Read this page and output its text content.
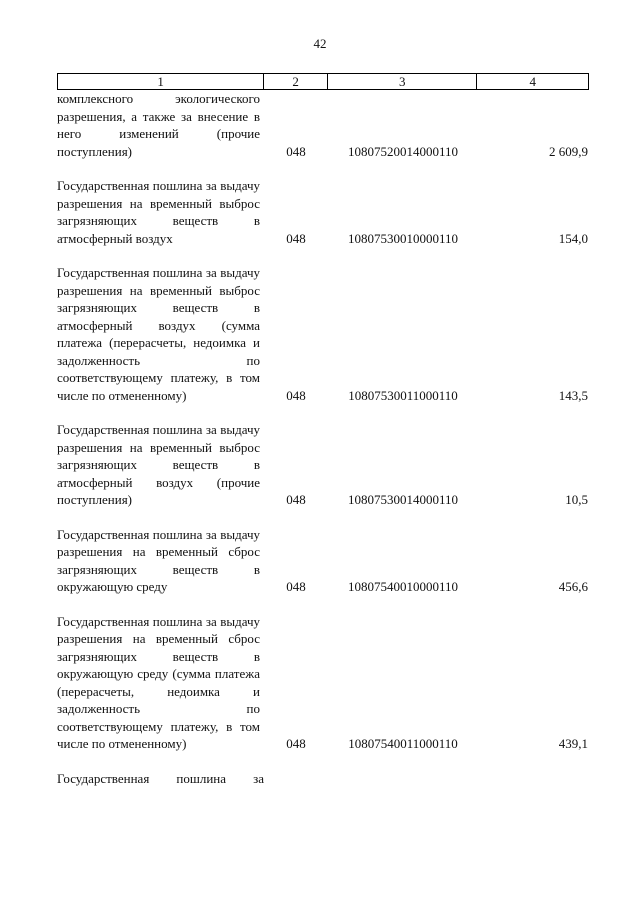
42
1	2	3	4
комплексного экологического разрешения, а также за внесение в него изменений (прочие поступления)	048	10807520014000110	2 609,9
Государственная пошлина за выдачу разрешения на временный выброс загрязняющих веществ в атмосферный воздух	048	10807530010000110	154,0
Государственная пошлина за выдачу разрешения на временный выброс загрязняющих веществ в атмосферный воздух (сумма платежа (перерасчеты, недоимка и задолженность по соответствующему платежу, в том числе по отмененному)	048	10807530011000110	143,5
Государственная пошлина за выдачу разрешения на временный выброс загрязняющих веществ в атмосферный воздух (прочие поступления)	048	10807530014000110	10,5
Государственная пошлина за выдачу разрешения на временный сброс загрязняющих веществ в окружающую среду	048	10807540010000110	456,6
Государственная пошлина за выдачу разрешения на временный сброс загрязняющих веществ в окружающую среду (сумма платежа (перерасчеты, недоимка и задолженность по соответствующему платежу, в том числе по отмененному)	048	10807540011000110	439,1
Государственная пошлина за
